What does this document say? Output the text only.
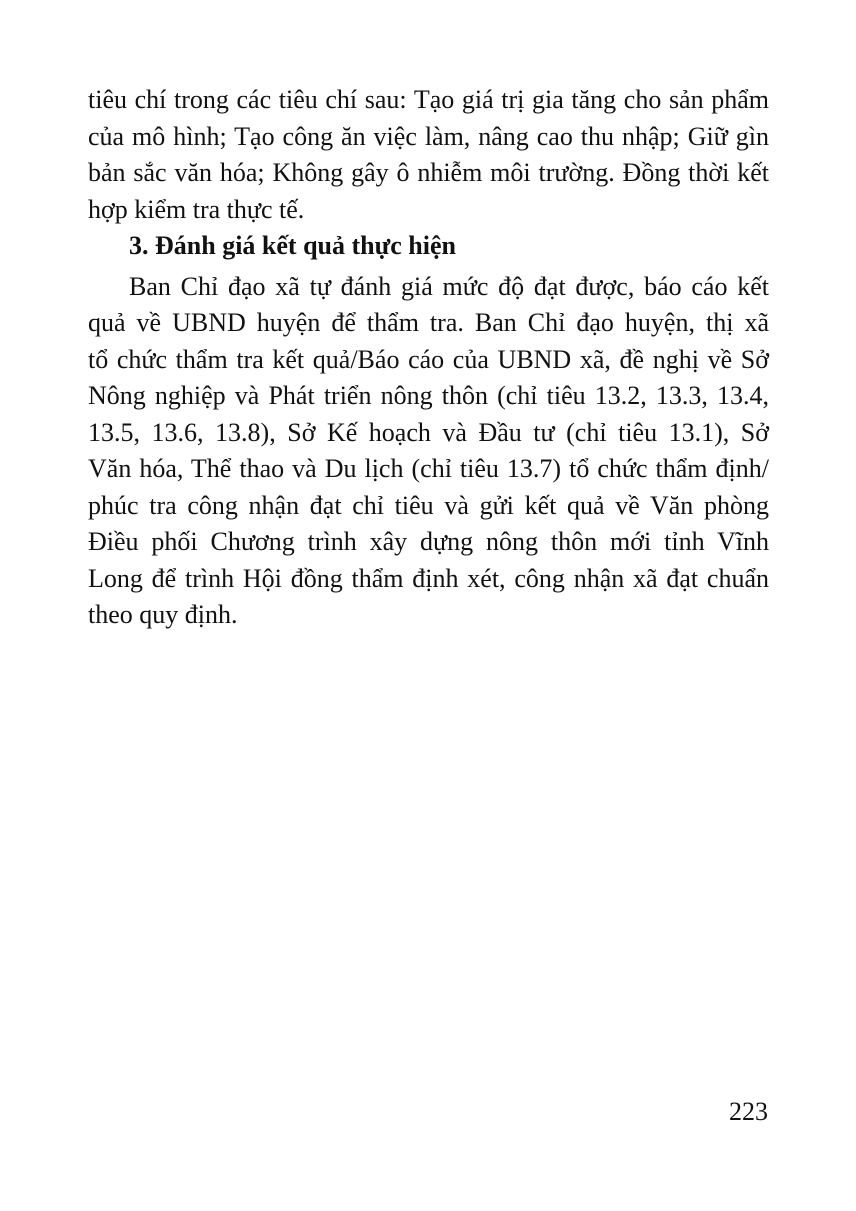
tiêu chí trong các tiêu chí sau: Tạo giá trị gia tăng cho sản phẩm
của mô hình; Tạo công ăn việc làm, nâng cao thu nhập; Giữ gìn
bản sắc văn hóa; Không gây ô nhiễm môi trường. Đồng thời kết
hợp kiểm tra thực tế.
3. Đánh giá kết quả thực hiện
Ban Chỉ đạo xã tự đánh giá mức độ đạt được, báo cáo kết
quả về UBND huyện để thẩm tra. Ban Chỉ đạo huyện, thị xã
tổ chức thẩm tra kết quả/Báo cáo của UBND xã, đề nghị về Sở
Nông nghiệp và Phát triển nông thôn (chỉ tiêu 13.2, 13.3, 13.4,
13.5, 13.6, 13.8), Sở Kế hoạch và Đầu tư (chỉ tiêu 13.1), Sở
Văn hóa, Thể thao và Du lịch (chỉ tiêu 13.7) tổ chức thẩm định/
phúc tra công nhận đạt chỉ tiêu và gửi kết quả về Văn phòng
Điều phối Chương trình xây dựng nông thôn mới tỉnh Vĩnh
Long để trình Hội đồng thẩm định xét, công nhận xã đạt chuẩn
theo quy định.
223
